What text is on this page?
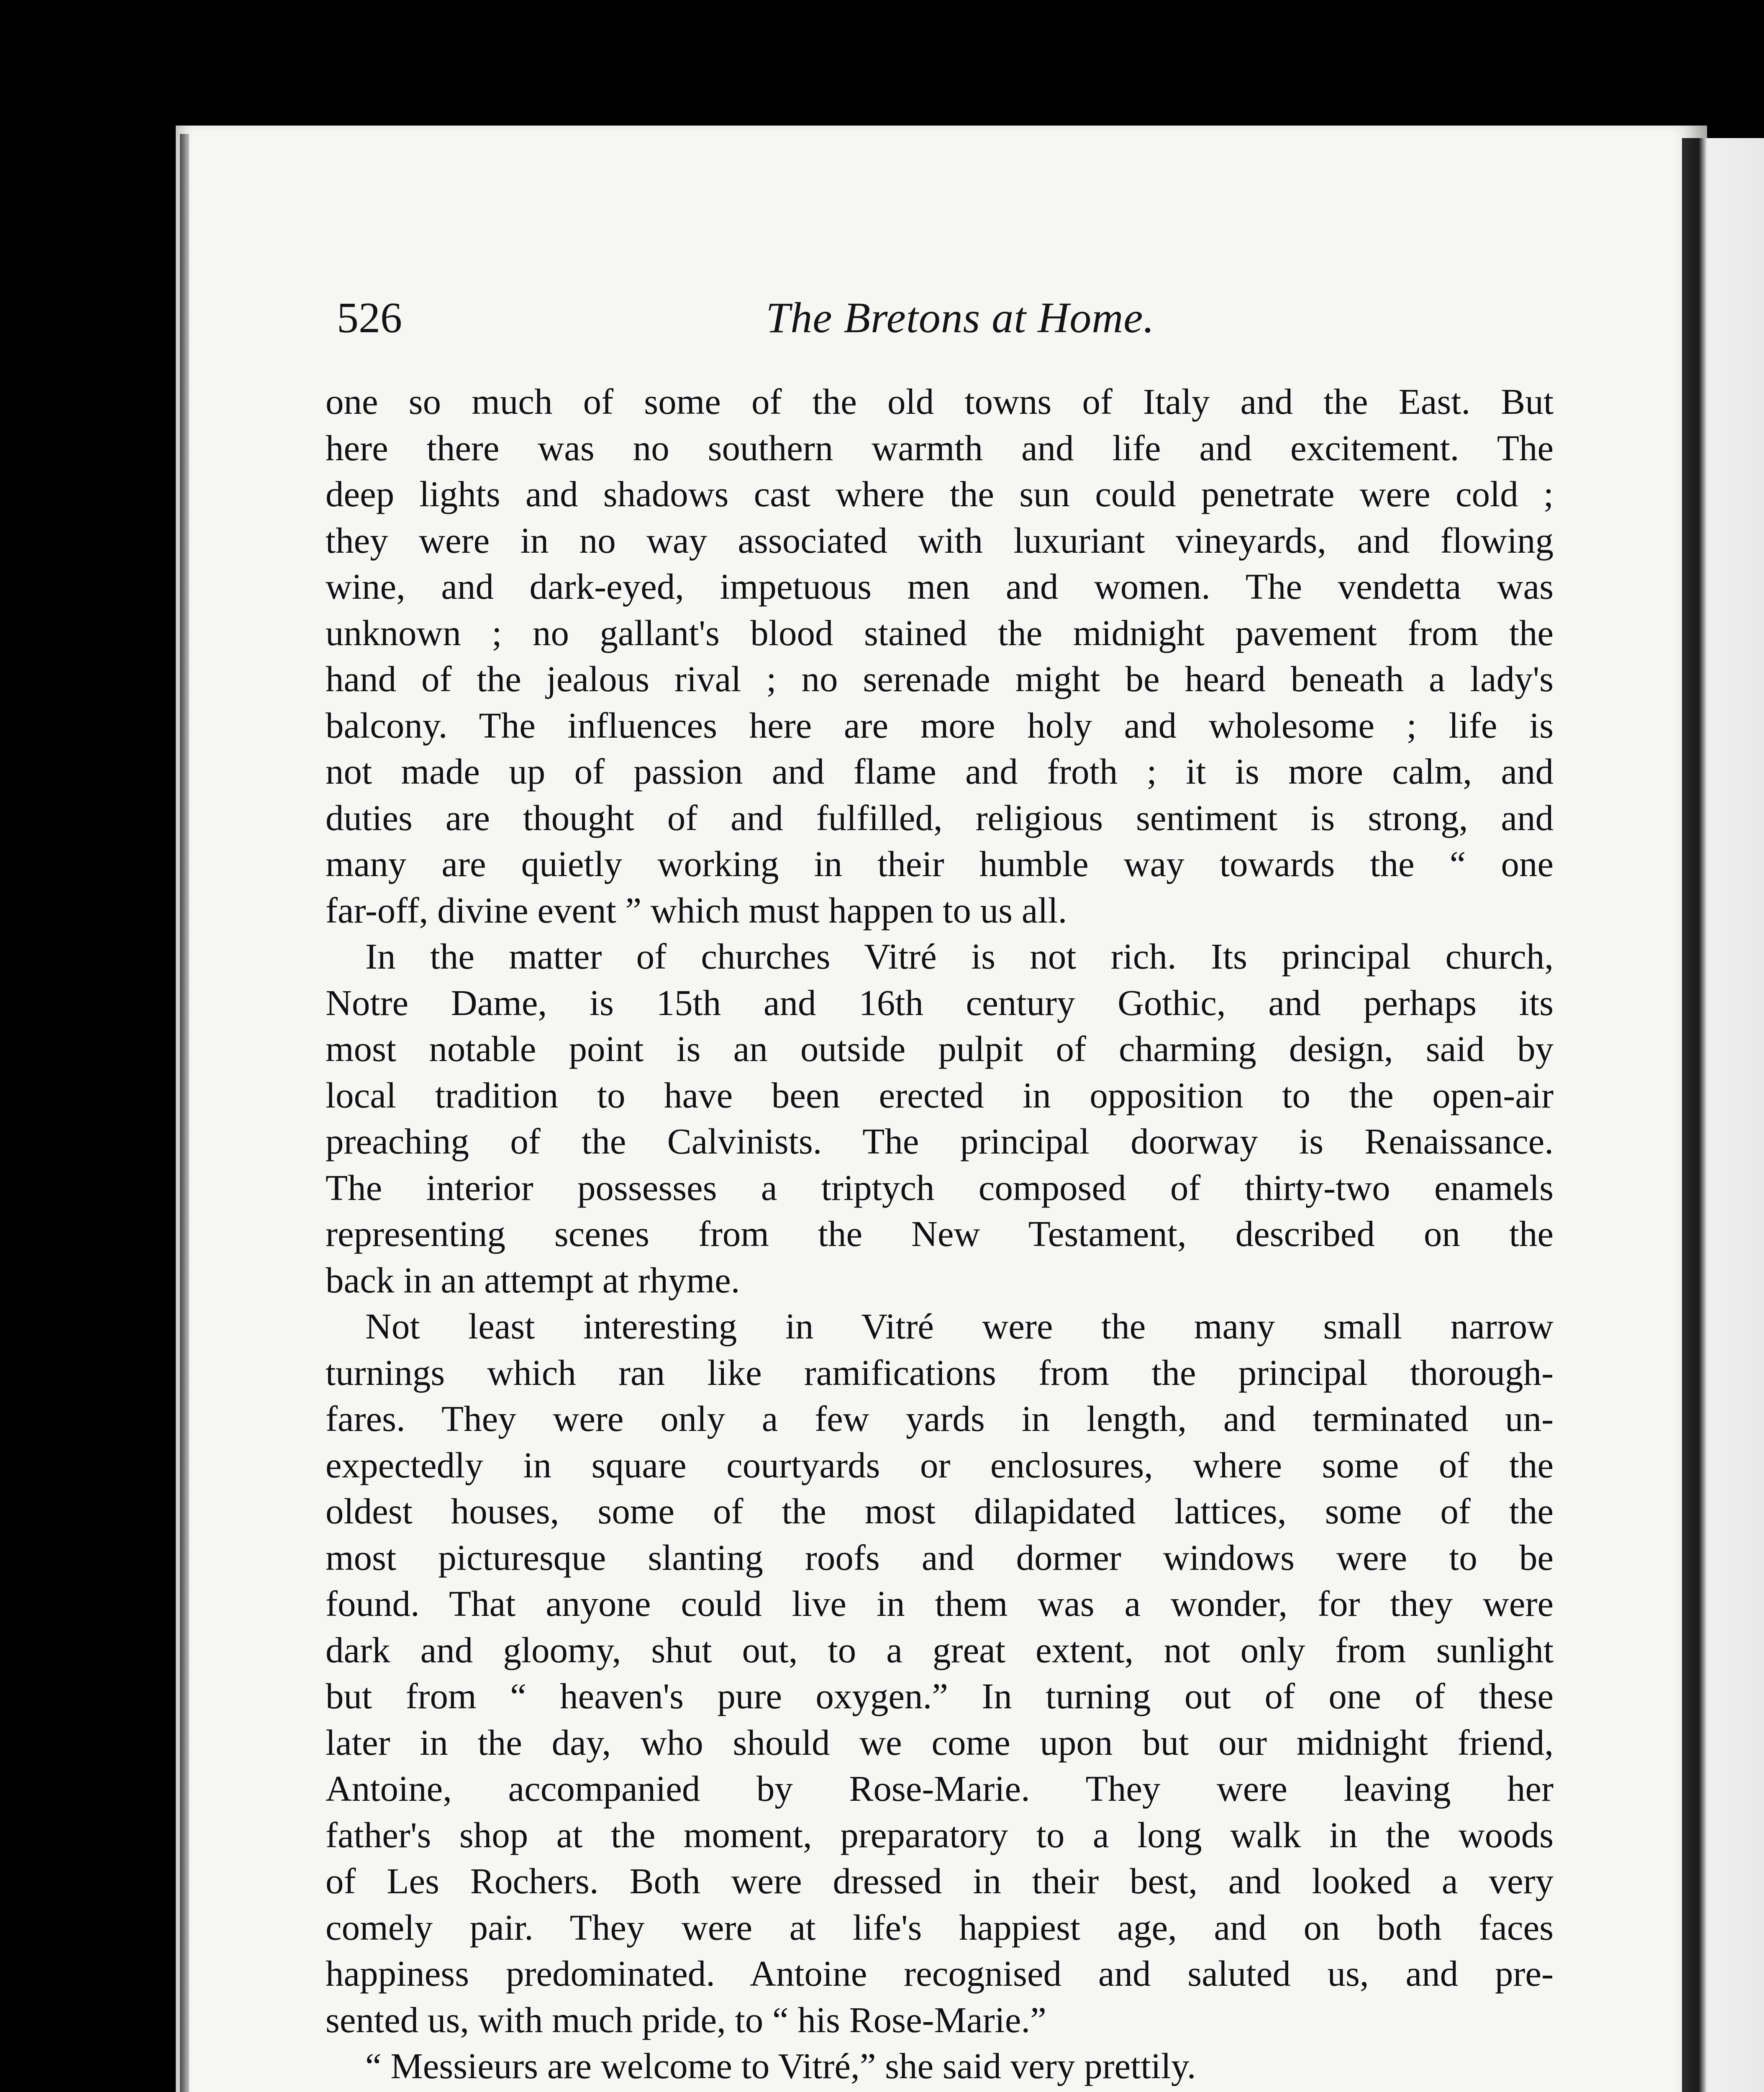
526	The Bretons at Home.
one so much of some of the old towns of Italy and the East. But
here there was no southern warmth and life and excitement. The
deep lights and shadows cast where the sun could penetrate were cold ;
they were in no way associated with luxuriant vineyards, and flowing
wine, and dark-eyed, impetuous men and women. The vendetta was
unknown ; no gallant's blood stained the midnight pavement from the
hand of the jealous rival ; no serenade might be heard beneath a lady's
balcony. The influences here are more holy and wholesome ; life is
not made up of passion and flame and froth ; it is more calm, and
duties are thought of and fulfilled, religious sentiment is strong, and
many are quietly working in their humble way towards the “ one
far-off, divine event ” which must happen to us all.
In the matter of churches Vitré is not rich. Its principal church,
Notre Dame, is 15th and 16th century Gothic, and perhaps its
most notable point is an outside pulpit of charming design, said by
local tradition to have been erected in opposition to the open-air
preaching of the Calvinists. The principal doorway is Renaissance.
The interior possesses a triptych composed of thirty-two enamels
representing scenes from the New Testament, described on the
back in an attempt at rhyme.
Not least interesting in Vitré were the many small narrow
turnings which ran like ramifications from the principal thorough-
fares. They were only a few yards in length, and terminated un-
expectedly in square courtyards or enclosures, where some of the
oldest houses, some of the most dilapidated lattices, some of the
most picturesque slanting roofs and dormer windows were to be
found. That anyone could live in them was a wonder, for they were
dark and gloomy, shut out, to a great extent, not only from sunlight
but from “ heaven's pure oxygen.” In turning out of one of these
later in the day, who should we come upon but our midnight friend,
Antoine, accompanied by Rose-Marie. They were leaving her
father's shop at the moment, preparatory to a long walk in the woods
of Les Rochers. Both were dressed in their best, and looked a very
comely pair. They were at life's happiest age, and on both faces
happiness predominated. Antoine recognised and saluted us, and pre-
sented us, with much pride, to “ his Rose-Marie.”
“ Messieurs are welcome to Vitré,” she said very prettily.
